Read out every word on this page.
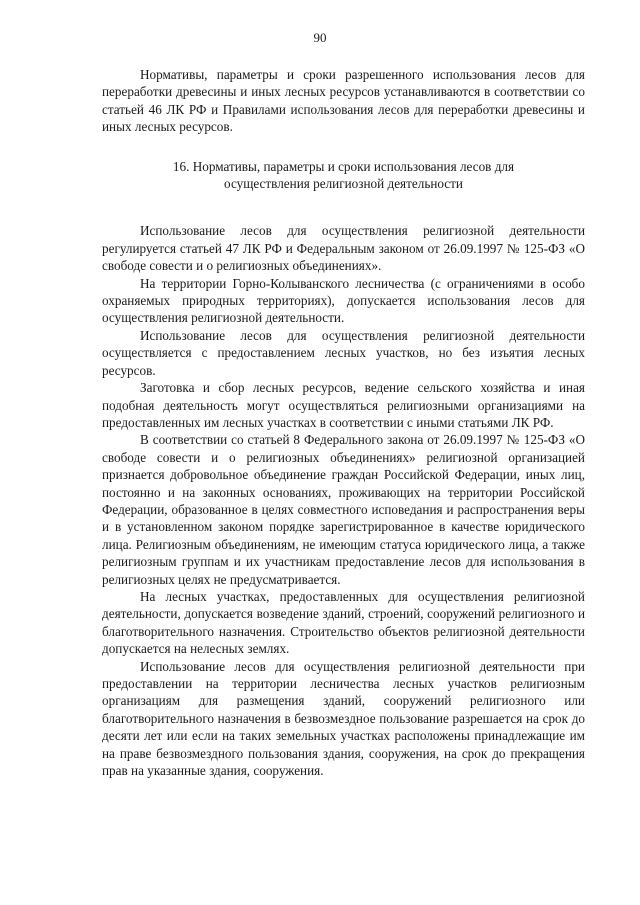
90

Нормативы, параметры и сроки разрешенного использования лесов для переработки древесины и иных лесных ресурсов устанавливаются в соответствии со статьей 46 ЛК РФ и Правилами использования лесов для переработки древесины и иных лесных ресурсов.

16. Нормативы, параметры и сроки использования лесов для
осуществления религиозной деятельности

Использование лесов для осуществления религиозной деятельности регулируется статьей 47 ЛК РФ и Федеральным законом от 26.09.1997 № 125-ФЗ «О свободе совести и о религиозных объединениях».

На территории Горно-Колыванского лесничества (с ограничениями в особо охраняемых природных территориях), допускается использования лесов для осуществления религиозной деятельности.

Использование лесов для осуществления религиозной деятельности осуществляется с предоставлением лесных участков, но без изъятия лесных ресурсов.

Заготовка и сбор лесных ресурсов, ведение сельского хозяйства и иная подобная деятельность могут осуществляться религиозными организациями на предоставленных им лесных участках в соответствии с иными статьями ЛК РФ.

В соответствии со статьей 8 Федерального закона от 26.09.1997 № 125-ФЗ «О свободе совести и о религиозных объединениях» религиозной организацией признается добровольное объединение граждан Российской Федерации, иных лиц, постоянно и на законных основаниях, проживающих на территории Российской Федерации, образованное в целях совместного исповедания и распространения веры и в установленном законом порядке зарегистрированное в качестве юридического лица. Религиозным объединениям, не имеющим статуса юридического лица, а также религиозным группам и их участникам предоставление лесов для использования в религиозных целях не предусматривается.

На лесных участках, предоставленных для осуществления религиозной деятельности, допускается возведение зданий, строений, сооружений религиозного и благотворительного назначения. Строительство объектов религиозной деятельности допускается на нелесных землях.

Использование лесов для осуществления религиозной деятельности при предоставлении на территории лесничества лесных участков религиозным организациям для размещения зданий, сооружений религиозного или благотворительного назначения в безвозмездное пользование разрешается на срок до десяти лет или если на таких земельных участках расположены принадлежащие им на праве безвозмездного пользования здания, сооружения, на срок до прекращения прав на указанные здания, сооружения.
